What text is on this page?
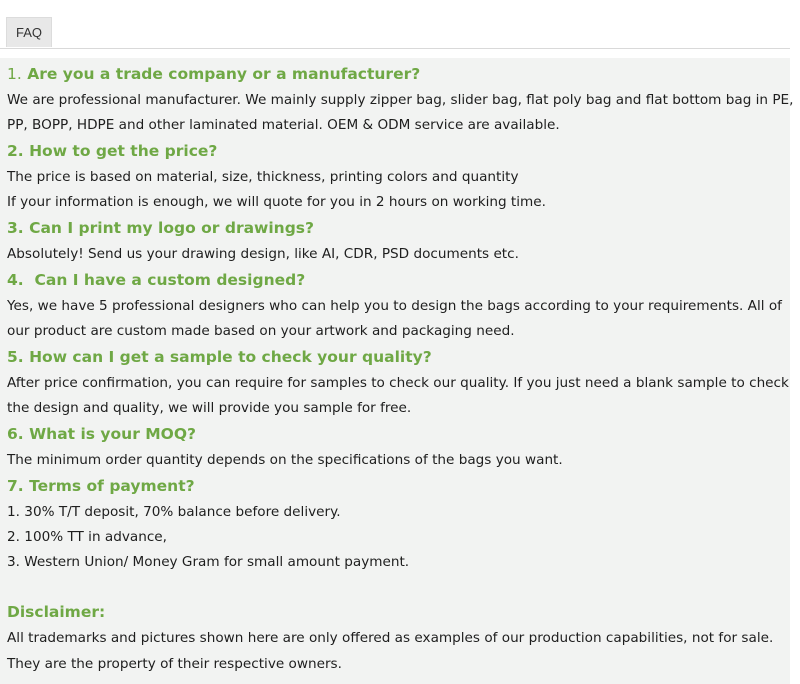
FAQ
1. Are you a trade company or a manufacturer?
We are professional manufacturer. We mainly supply zipper bag, slider bag, flat poly bag and flat bottom bag in PE,
PP, BOPP, HDPE and other laminated material. OEM & ODM service are available.
2. How to get the price?
The price is based on material, size, thickness, printing colors and quantity
If your information is enough, we will quote for you in 2 hours on working time.
3. Can I print my logo or drawings?
Absolutely! Send us your drawing design, like AI, CDR, PSD documents etc.
4.  Can I have a custom designed?
Yes, we have 5 professional designers who can help you to design the bags according to your requirements. All of
our product are custom made based on your artwork and packaging need.
5. How can I get a sample to check your quality?
After price confirmation, you can require for samples to check our quality. If you just need a blank sample to check
the design and quality, we will provide you sample for free.
6. What is your MOQ?
The minimum order quantity depends on the specifications of the bags you want.
7. Terms of payment?
1. 30% T/T deposit, 70% balance before delivery.
2. 100% TT in advance,
3. Western Union/ Money Gram for small amount payment.
Disclaimer:
All trademarks and pictures shown here are only offered as examples of our production capabilities, not for sale.
They are the property of their respective owners.
